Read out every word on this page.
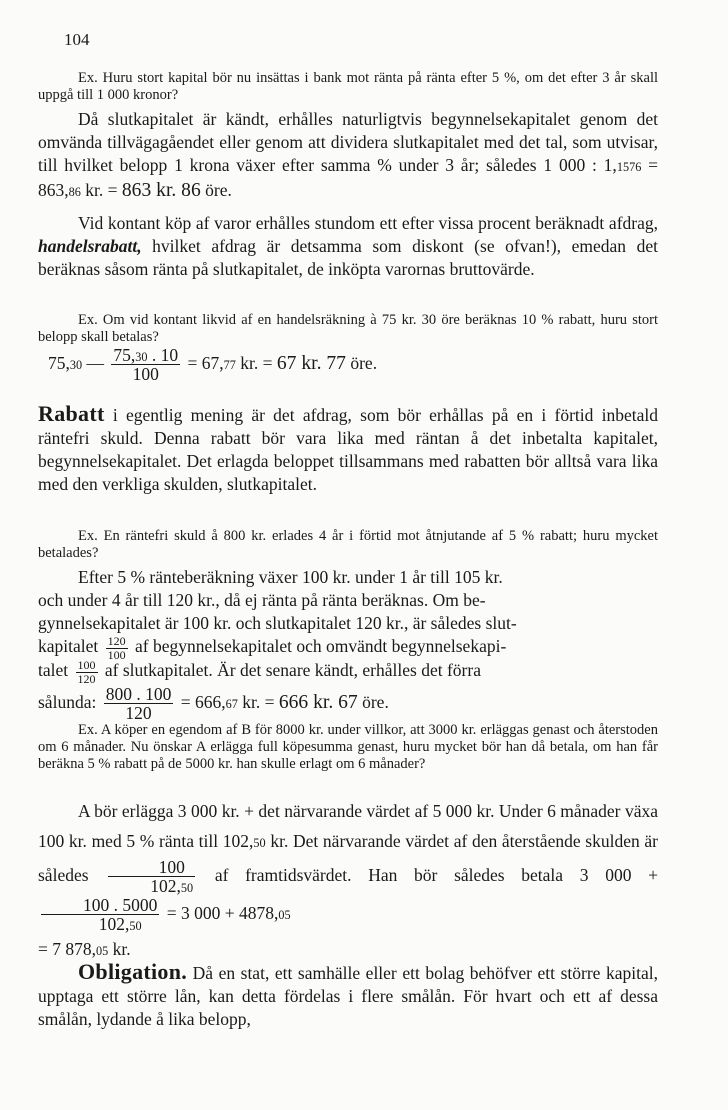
104

Ex. Huru stort kapital bör nu insättas i bank mot ränta på ränta efter 5 %, om det efter 3 år skall uppgå till 1 000 kronor?

Då slutkapitalet är kändt, erhålles naturligtvis begynnelsekapitalet genom det omvända tillvägagåendet eller genom att dividera slutkapitalet med det tal, som utvisar, till hvilket belopp 1 krona växer efter samma % under 3 år; således 1 000 : 1,1576 = 863,86 kr. = 863 kr. 86 öre.

Vid kontant köp af varor erhålles stundom ett efter vissa procent beräknadt afdrag, handelsrabatt, hvilket afdrag är detsamma som diskont (se ofvan!), emedan det beräknas såsom ränta på slutkapitalet, de inköpta varornas bruttovärde.

Ex. Om vid kontant likvid af en handelsräkning à 75 kr. 30 öre beräknas 10 % rabatt, huru stort belopp skall betalas?

75,30 — $\frac{75,30 . 10}{100} = 67,77$ kr. = 67 kr. 77 öre.

Rabatt i egentlig mening är det afdrag, som bör erhållas på en i förtid inbetald räntefri skuld. Denna rabatt bör vara lika med räntan å det inbetalta kapitalet, begynnelsekapitalet. Det erlagda beloppet tillsammans med rabatten bör alltså vara lika med den verkliga skulden, slutkapitalet.

Ex. En räntefri skuld å 800 kr. erlades 4 år i förtid mot åtnjutande af 5 % rabatt; huru mycket betalades?

Efter 5 % ränteberäkning växer 100 kr. under 1 år till 105 kr.
och under 4 år till 120 kr., då ej ränta på ränta beräknas. Om be-
gynnelsekapitalet är 100 kr. och slutkapitalet 120 kr., är således slut-
kapitalet $\frac{120}{100}$ af begynnelsekapitalet och omvändt begynnelsekapi-
talet $\frac{100}{120}$ af slutkapitalet. Är det senare kändt, erhålles det förra
sålunda: $\frac{800 . 100}{120} = 666,67$ kr. = 666 kr. 67 öre.

Ex. A köper en egendom af B för 8000 kr. under villkor, att 3000 kr. erläggas genast och återstoden om 6 månader. Nu önskar A erlägga full köpesumma genast, huru mycket bör han då betala, om han får beräkna 5 % rabatt på de 5000 kr. han skulle erlagt om 6 månader?

A bör erlägga 3 000 kr. + det närvarande värdet af 5 000 kr. Under 6 månader växa 100 kr. med 5 % ränta till 102,50 kr. Det närvarande värdet af den återstående skulden är således $\frac{100}{102,50}$ af framtidsvärdet. Han bör således betala 3 000 +
$\frac{100 . 5000}{102,50} = 3$ 000 + 4878,05
= 7 878,05 kr.

Obligation. Då en stat, ett samhälle eller ett bolag behöfver ett större kapital, upptaga ett större lån, kan detta fördelas i flere smålån. För hvart och ett af dessa smålån, lydande å lika belopp,
